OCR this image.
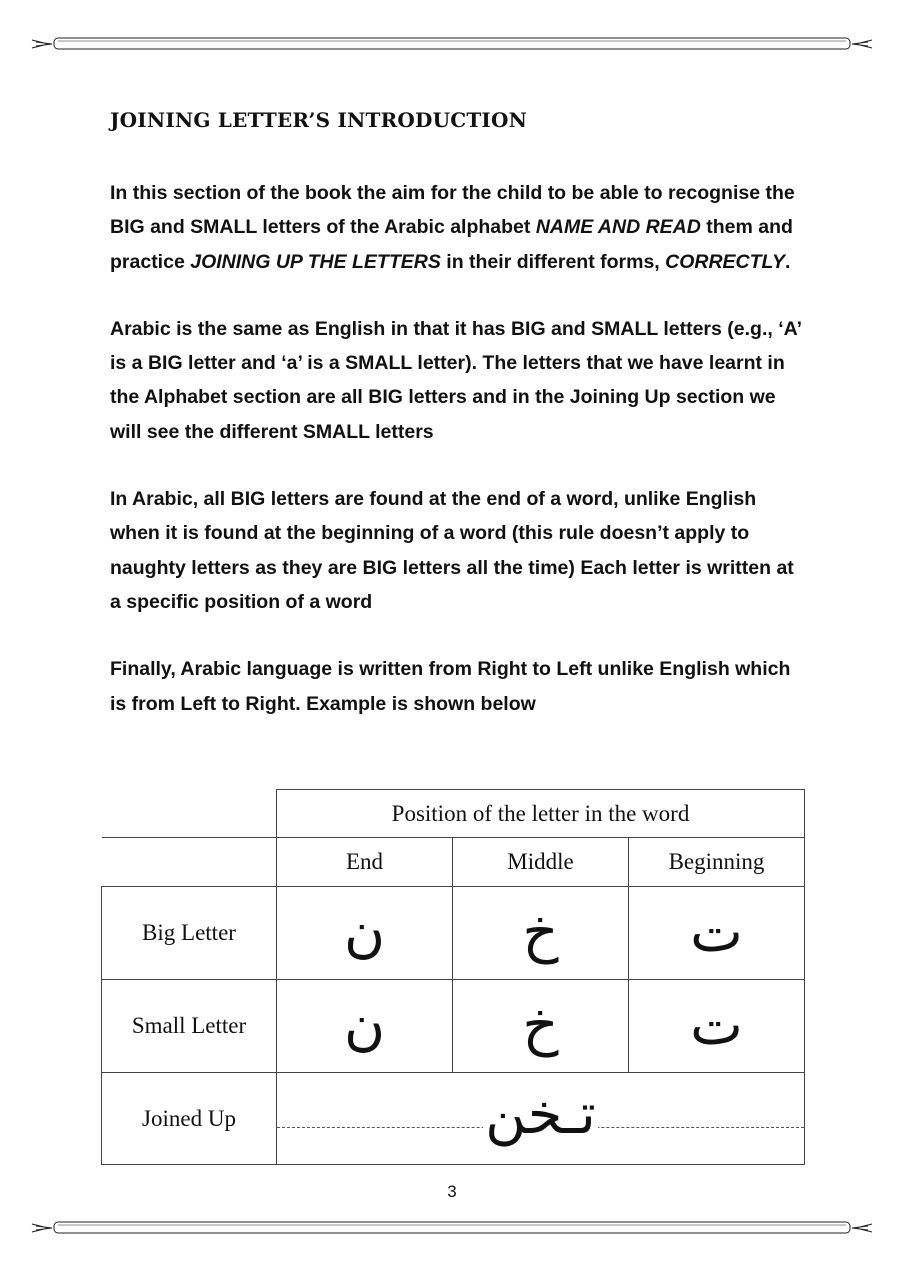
JOINING LETTER’S INTRODUCTION

In this section of the book the aim for the child to be able to recognise the BIG and SMALL letters of the Arabic alphabet NAME AND READ them and practice JOINING UP THE LETTERS in their different forms, CORRECTLY.

Arabic is the same as English in that it has BIG and SMALL letters (e.g., ‘A’ is a BIG letter and ‘a’ is a SMALL letter). The letters that we have learnt in the Alphabet section are all BIG letters and in the Joining Up section we will see the different SMALL letters

In Arabic, all BIG letters are found at the end of a word, unlike English when it is found at the beginning of a word (this rule doesn’t apply to naughty letters as they are BIG letters all the time) Each letter is written at a specific position of a word

Finally, Arabic language is written from Right to Left unlike English which is from Left to Right. Example is shown below

	Position of the letter in the word		
	End	Middle	Beginning
Big Letter	ن	خ	ت
Small Letter	ن	خ	ت
Joined Up	تـخن		
3
